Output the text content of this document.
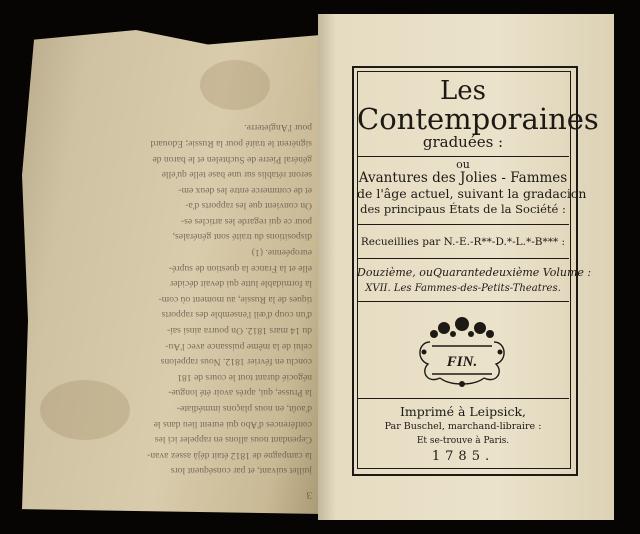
3

juillet suivant, et par conséquent lors

la campagne de 1812 était déjà assez avan-

Cependant nous allons en rappeler ici les

conférences d'Abo qui eurent lieu dans le

d'août, en nous plaçons immédiate-

la Prusse, qui, après avoir été longue-

négocié durant tout le cours de 181

conclu en février 1812. Nous rappelons

celui de la même puissance avec l'Au-

du 14 mars 1812. On pourra ainsi sai-

d'un coup d'œil l'ensemble des rapports

tiques de la Russie, au moment où com-

la formidable lutte qui devait décider

elle et la France la question de supré-

européenne. (1)

dispositions du traité sont générales,

pour ce qui regarde les articles es-

On convient que les rapports d'a-

et de commerce entre les deux em-

seront rétablis sur une base telle qu'elle

général Pierre de Suchtelen et le baron de

signèrent le traité pour la Russie; Edouard

pour l'Angleterre.

Les
Contemporaines
graduées :
ou
Avantures des Jolies - Fammes
de l'âge actuel, suivant la gradacion
des principaus États de la Société :
Recueillies par N.-E.-R**-D.*-L.*-B*** :
Douzième, ouQuarantedeuxième Volume :
XVII. Les Fammes-des-Petits-Theatres.
FIN.
Imprimé à Leipsick,
Par Buschel, marchand-libraire :
Et se-trouve à Paris.
1785.
